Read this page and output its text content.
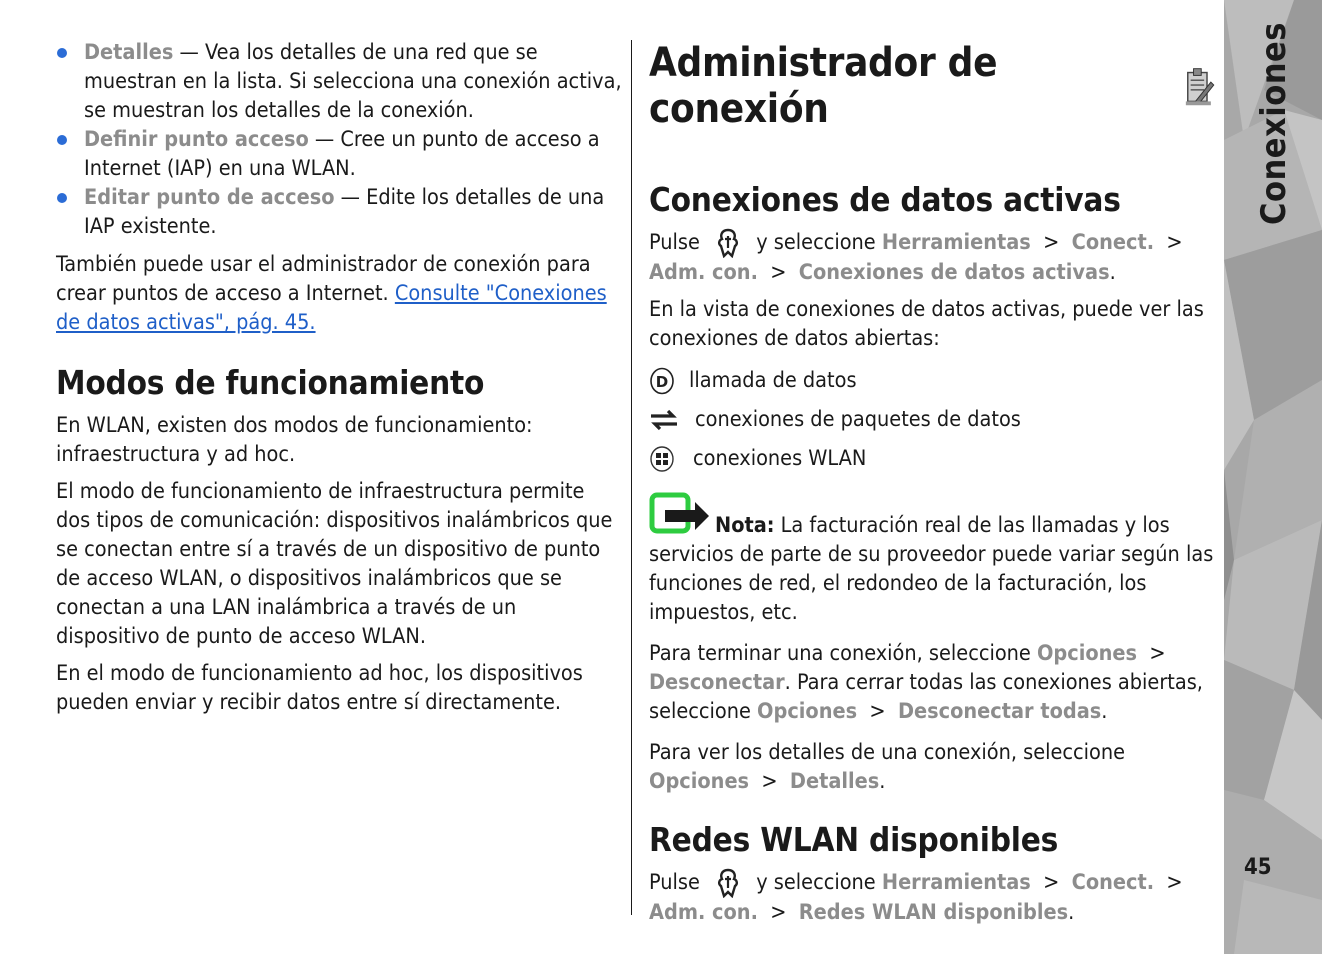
Detalles — Vea los detalles de una red que se muestran en la lista. Si selecciona una conexión activa, se muestran los detalles de la conexión.
Definir punto acceso — Cree un punto de acceso a Internet (IAP) en una WLAN.
Editar punto de acceso — Edite los detalles de una IAP existente.

También puede usar el administrador de conexión para crear puntos de acceso a Internet. Consulte "Conexiones de datos activas", pág. 45.

Modos de funcionamiento

En WLAN, existen dos modos de funcionamiento: infraestructura y ad hoc.

El modo de funcionamiento de infraestructura permite dos tipos de comunicación: dispositivos inalámbricos que se conectan entre sí a través de un dispositivo de punto de acceso WLAN, o dispositivos inalámbricos que se conectan a una LAN inalámbrica a través de un dispositivo de punto de acceso WLAN.

En el modo de funcionamiento ad hoc, los dispositivos pueden enviar y recibir datos entre sí directamente.

Administrador de conexión
Conexiones de datos activas

Pulse	y seleccione Herramientas > Conect. > Adm. con. > Conexiones de datos activas.

En la vista de conexiones de datos activas, puede ver las conexiones de datos abiertas:

D llamada de datos
conexiones de paquetes de datos
conexiones WLAN

Nota: La facturación real de las llamadas y los servicios de parte de su proveedor puede variar según las funciones de red, el redondeo de la facturación, los impuestos, etc.

Para terminar una conexión, seleccione Opciones > Desconectar. Para cerrar todas las conexiones abiertas, seleccione Opciones > Desconectar todas.

Para ver los detalles de una conexión, seleccione Opciones > Detalles.

Redes WLAN disponibles

Pulse	y seleccione Herramientas > Conect. > Adm. con. > Redes WLAN disponibles.

Conexiones
45
